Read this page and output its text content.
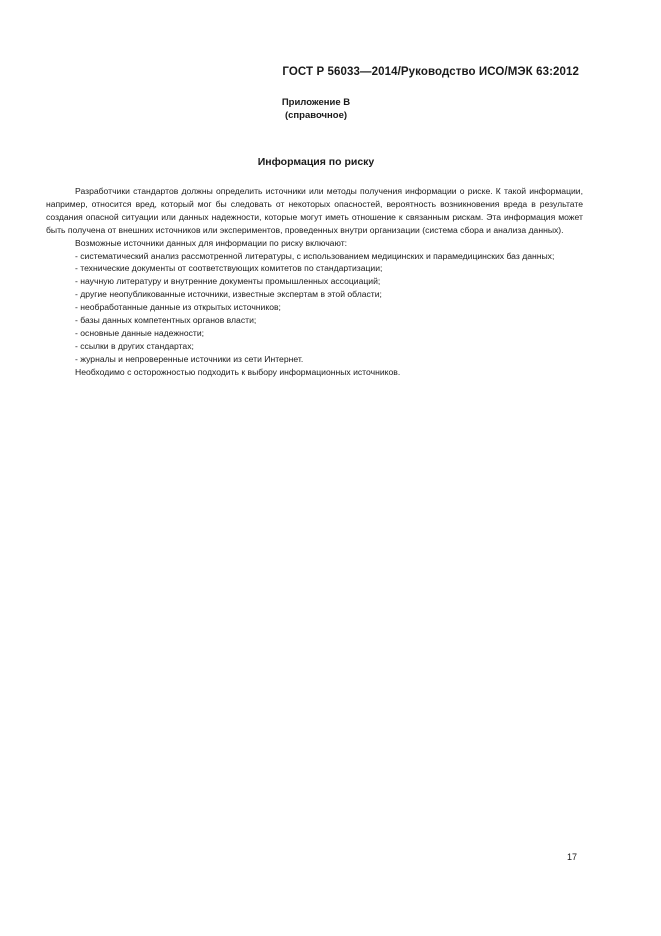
ГОСТ Р 56033—2014/Руководство ИСО/МЭК 63:2012
Приложение В
(справочное)
Информация по риску

Разработчики стандартов должны определить источники или методы получения информации о риске. К такой информации, например, относится вред, который мог бы следовать от некоторых опасностей, вероятность возникновения вреда в результате создания опасной ситуации или данных надежности, которые могут иметь отношение к связанным рискам. Эта информация может быть получена от внешних источников или экспериментов, проведенных внутри организации (система сбора и анализа данных).

Возможные источники данных для информации по риску включают:

- систематический анализ рассмотренной литературы, с использованием медицинских и парамедицинских баз данных;

- технические документы от соответствующих комитетов по стандартизации;

- научную литературу и внутренние документы промышленных ассоциаций;

- другие неопубликованные источники, известные экспертам в этой области;

- необработанные данные из открытых источников;

- базы данных компетентных органов власти;

- основные данные надежности;

- ссылки в других стандартах;

- журналы и непроверенные источники из сети Интернет.

Необходимо с осторожностью подходить к выбору информационных источников.

17
